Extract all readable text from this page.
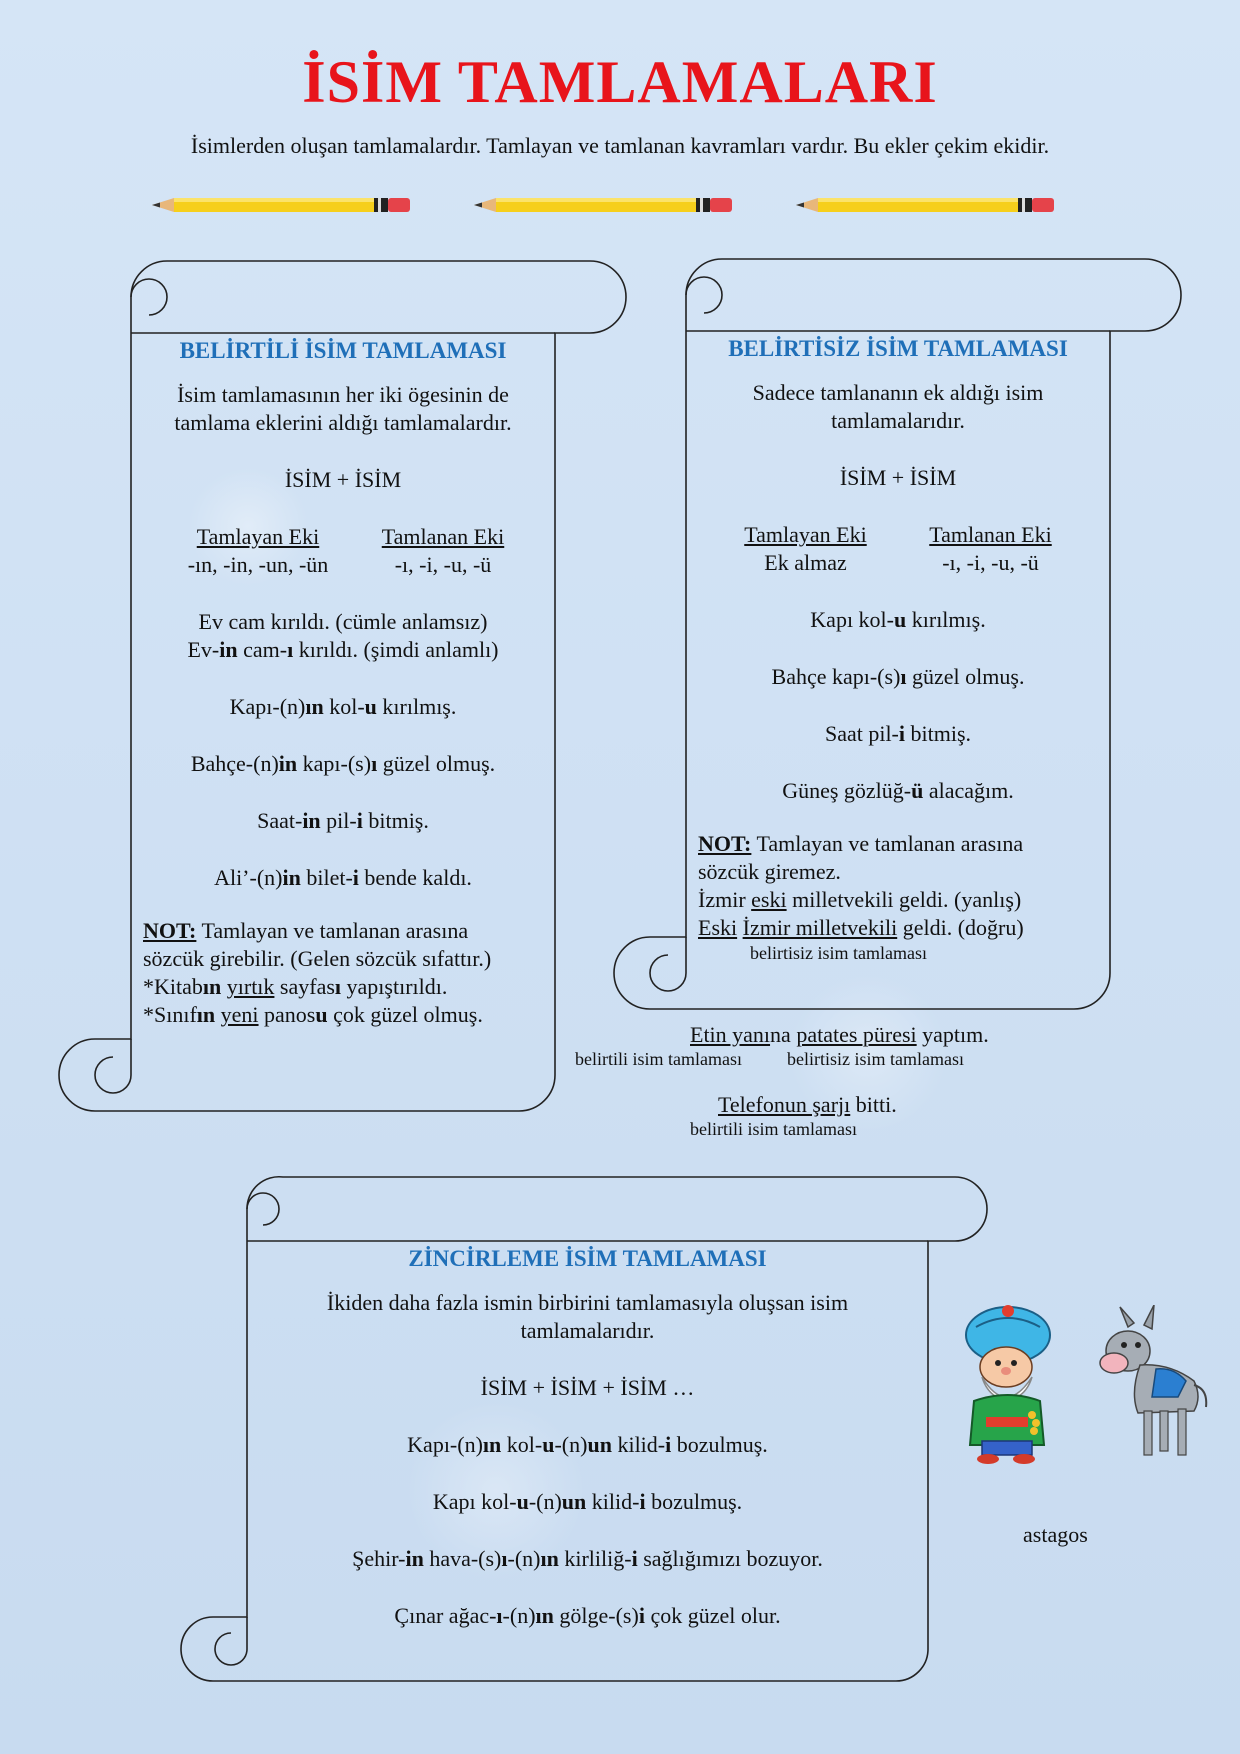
İSİM TAMLAMALARI
İsimlerden oluşan tamlamalardır. Tamlayan ve tamlanan kavramları vardır. Bu ekler çekim ekidir.
BELİRTİLİ İSİM TAMLAMASI

İsim tamlamasının her iki ögesinin de

tamlama eklerini aldığı tamlamalardır.

İSİM + İSİM

Tamlayan Eki
-ın, -in, -un, -ün
Tamlanan Eki
-ı, -i, -u, -ü

Ev cam kırıldı. (cümle anlamsız)

Ev-in cam-ı kırıldı. (şimdi anlamlı)

Kapı-(n)ın kol-u kırılmış.

Bahçe-(n)in kapı-(s)ı güzel olmuş.

Saat-in pil-i bitmiş.

Ali’-(n)in bilet-i bende kaldı.

NOT: Tamlayan ve tamlanan arasına
sözcük girebilir. (Gelen sözcük sıfattır.)
*Kitabın yırtık sayfası yapıştırıldı.
*Sınıfın yeni panosu çok güzel olmuş.
BELİRTİSİZ İSİM TAMLAMASI

Sadece tamlananın ek aldığı isim

tamlamalarıdır.

İSİM + İSİM

Tamlayan Eki
Ek almaz
Tamlanan Eki
-ı, -i, -u, -ü

Kapı kol-u kırılmış.

Bahçe kapı-(s)ı güzel olmuş.

Saat pil-i bitmiş.

Güneş gözlüğ-ü alacağım.

NOT: Tamlayan ve tamlanan arasına
sözcük giremez.
İzmir eski milletvekili geldi. (yanlış)
Eski İzmir milletvekili geldi. (doğru)
belirtisiz isim tamlaması
Etin yanına patates püresi yaptım.
belirtili isim tamlaması	belirtisiz isim tamlaması
Telefonun şarjı bitti.
belirtili isim tamlaması
ZİNCİRLEME İSİM TAMLAMASI

İkiden daha fazla ismin birbirini tamlamasıyla oluşsan isim

tamlamalarıdır.

İSİM + İSİM + İSİM …

Kapı-(n)ın kol-u-(n)un kilid-i bozulmuş.

Kapı kol-u-(n)un kilid-i bozulmuş.

Şehir-in hava-(s)ı-(n)ın kirliliğ-i sağlığımızı bozuyor.

Çınar ağac-ı-(n)ın gölge-(s)i çok güzel olur.

astagos
